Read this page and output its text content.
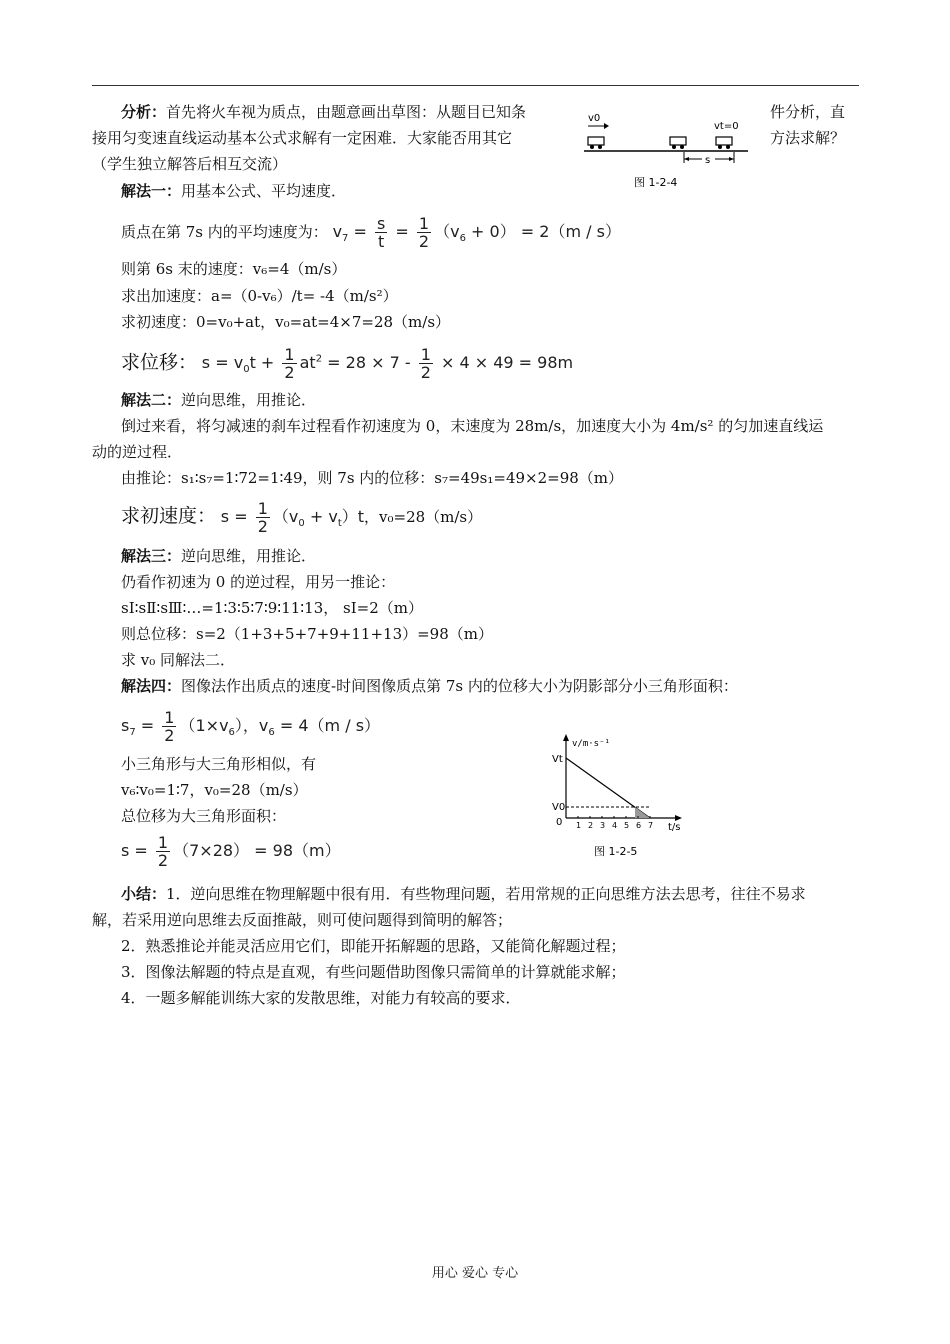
分析：首先将火车视为质点，由题意画出草图：从题目已知条	件分析，直
接用匀变速直线运动基本公式求解有一定困难．大家能否用其它	方法求解？
（学生独立解答后相互交流）
v0
vt=0
s
图 1-2-4
解法一：用基本公式、平均速度．
质点在第 7s 内的平均速度为： $v_7 = \frac{s}{t} = \frac{1}{2} (v_6 + 0) = 2(m / s)$
则第 6s 末的速度：v₆=4（m/s）
求出加速度：a=（0-v₆）/t= -4（m/s²）
求初速度：0=v₀+at，v₀=at=4×7=28（m/s）
求位移： $s = v_0t + \frac{1}{2} at^2 = 28 \times 7 - \frac{1}{2} \times 4 \times 49 = 98m$
解法二：逆向思维，用推论．
倒过来看，将匀减速的刹车过程看作初速度为 0，末速度为 28m/s，加速度大小为 4m/s² 的匀加速直线运
动的逆过程．
由推论：s₁∶s₇=1∶72=1∶49，则 7s 内的位移：s₇=49s₁=49×2=98（m）
求初速度： $s = \frac{1}{2} (v_0 + v_t)t$，v₀=28（m/s）
解法三：逆向思维，用推论．
仍看作初速为 0 的逆过程，用另一推论：
sⅠ∶sⅡ∶sⅢ∶…=1∶3∶5∶7∶9∶11∶13， sⅠ=2（m）
则总位移：s=2（1+3+5+7+9+11+13）=98（m）
求 v₀ 同解法二．
解法四：图像法作出质点的速度-时间图像质点第 7s 内的位移大小为阴影部分小三角形面积：
$s_7 = \frac{1}{2} (1\times v_6)$，$v_6 = 4(m / s)$
小三角形与大三角形相似，有
v₆∶v₀=1∶7，v₀=28（m/s）
总位移为大三角形面积：
$s = \frac{1}{2} (7\times 28) = 98(m)$
v/m·s⁻¹
Vt
V0
0 1 2 3 4 5 6 7 t/s
图 1-2-5
小结：1．逆向思维在物理解题中很有用．有些物理问题，若用常规的正向思维方法去思考，往往不易求
解，若采用逆向思维去反面推敲，则可使问题得到简明的解答；
2．熟悉推论并能灵活应用它们，即能开拓解题的思路，又能简化解题过程；
3．图像法解题的特点是直观，有些问题借助图像只需简单的计算就能求解；
4．一题多解能训练大家的发散思维，对能力有较高的要求．
用心 爱心 专心
